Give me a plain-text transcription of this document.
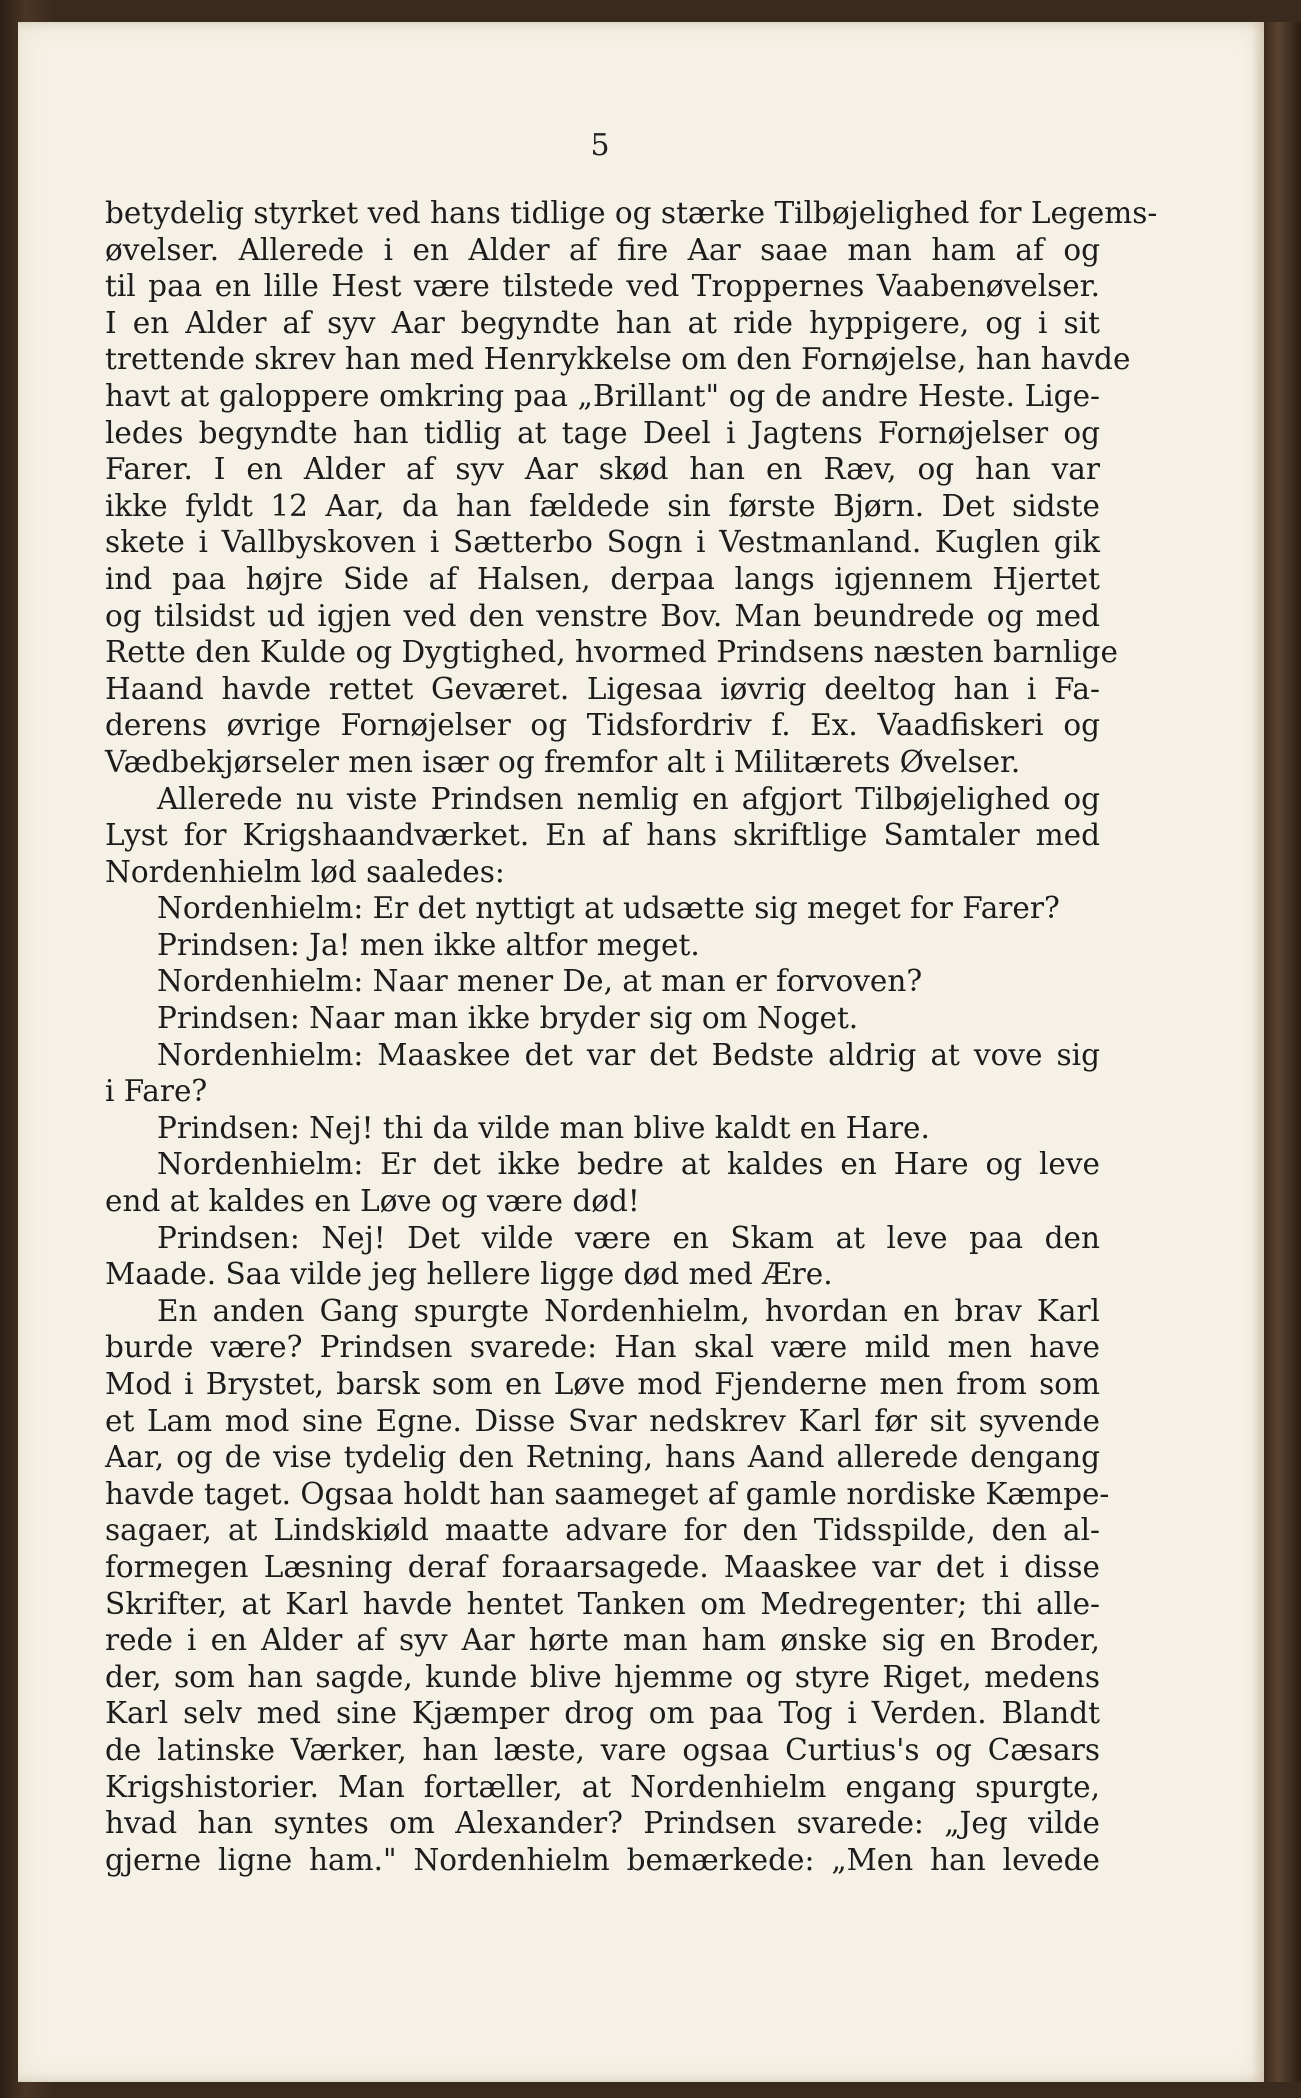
5
betydelig styrket ved hans tidlige og stærke Tilbøjelighed for Legems-
øvelser. Allerede i en Alder af fire Aar saae man ham af og
til paa en lille Hest være tilstede ved Troppernes Vaabenøvelser.
I en Alder af syv Aar begyndte han at ride hyppigere, og i sit
trettende skrev han med Henrykkelse om den Fornøjelse, han havde
havt at galoppere omkring paa „Brillant" og de andre Heste. Lige-
ledes begyndte han tidlig at tage Deel i Jagtens Fornøjelser og
Farer. I en Alder af syv Aar skød han en Ræv, og han var
ikke fyldt 12 Aar, da han fældede sin første Bjørn. Det sidste
skete i Vallbyskoven i Sætterbo Sogn i Vestmanland. Kuglen gik
ind paa højre Side af Halsen, derpaa langs igjennem Hjertet
og tilsidst ud igjen ved den venstre Bov. Man beundrede og med
Rette den Kulde og Dygtighed, hvormed Prindsens næsten barnlige
Haand havde rettet Geværet. Ligesaa iøvrig deeltog han i Fa-
derens øvrige Fornøjelser og Tidsfordriv f. Ex. Vaadfiskeri og
Vædbekjørseler men især og fremfor alt i Militærets Øvelser.
Allerede nu viste Prindsen nemlig en afgjort Tilbøjelighed og
Lyst for Krigshaandværket. En af hans skriftlige Samtaler med
Nordenhielm lød saaledes:
Nordenhielm: Er det nyttigt at udsætte sig meget for Farer?
Prindsen: Ja! men ikke altfor meget.
Nordenhielm: Naar mener De, at man er forvoven?
Prindsen: Naar man ikke bryder sig om Noget.
Nordenhielm: Maaskee det var det Bedste aldrig at vove sig
i Fare?
Prindsen: Nej! thi da vilde man blive kaldt en Hare.
Nordenhielm: Er det ikke bedre at kaldes en Hare og leve
end at kaldes en Løve og være død!
Prindsen: Nej! Det vilde være en Skam at leve paa den
Maade. Saa vilde jeg hellere ligge død med Ære.
En anden Gang spurgte Nordenhielm, hvordan en brav Karl
burde være? Prindsen svarede: Han skal være mild men have
Mod i Brystet, barsk som en Løve mod Fjenderne men from som
et Lam mod sine Egne. Disse Svar nedskrev Karl før sit syvende
Aar, og de vise tydelig den Retning, hans Aand allerede dengang
havde taget. Ogsaa holdt han saameget af gamle nordiske Kæmpe-
sagaer, at Lindskiøld maatte advare for den Tidsspilde, den al-
formegen Læsning deraf foraarsagede. Maaskee var det i disse
Skrifter, at Karl havde hentet Tanken om Medregenter; thi alle-
rede i en Alder af syv Aar hørte man ham ønske sig en Broder,
der, som han sagde, kunde blive hjemme og styre Riget, medens
Karl selv med sine Kjæmper drog om paa Tog i Verden. Blandt
de latinske Værker, han læste, vare ogsaa Curtius's og Cæsars
Krigshistorier. Man fortæller, at Nordenhielm engang spurgte,
hvad han syntes om Alexander? Prindsen svarede: „Jeg vilde
gjerne ligne ham." Nordenhielm bemærkede: „Men han levede
